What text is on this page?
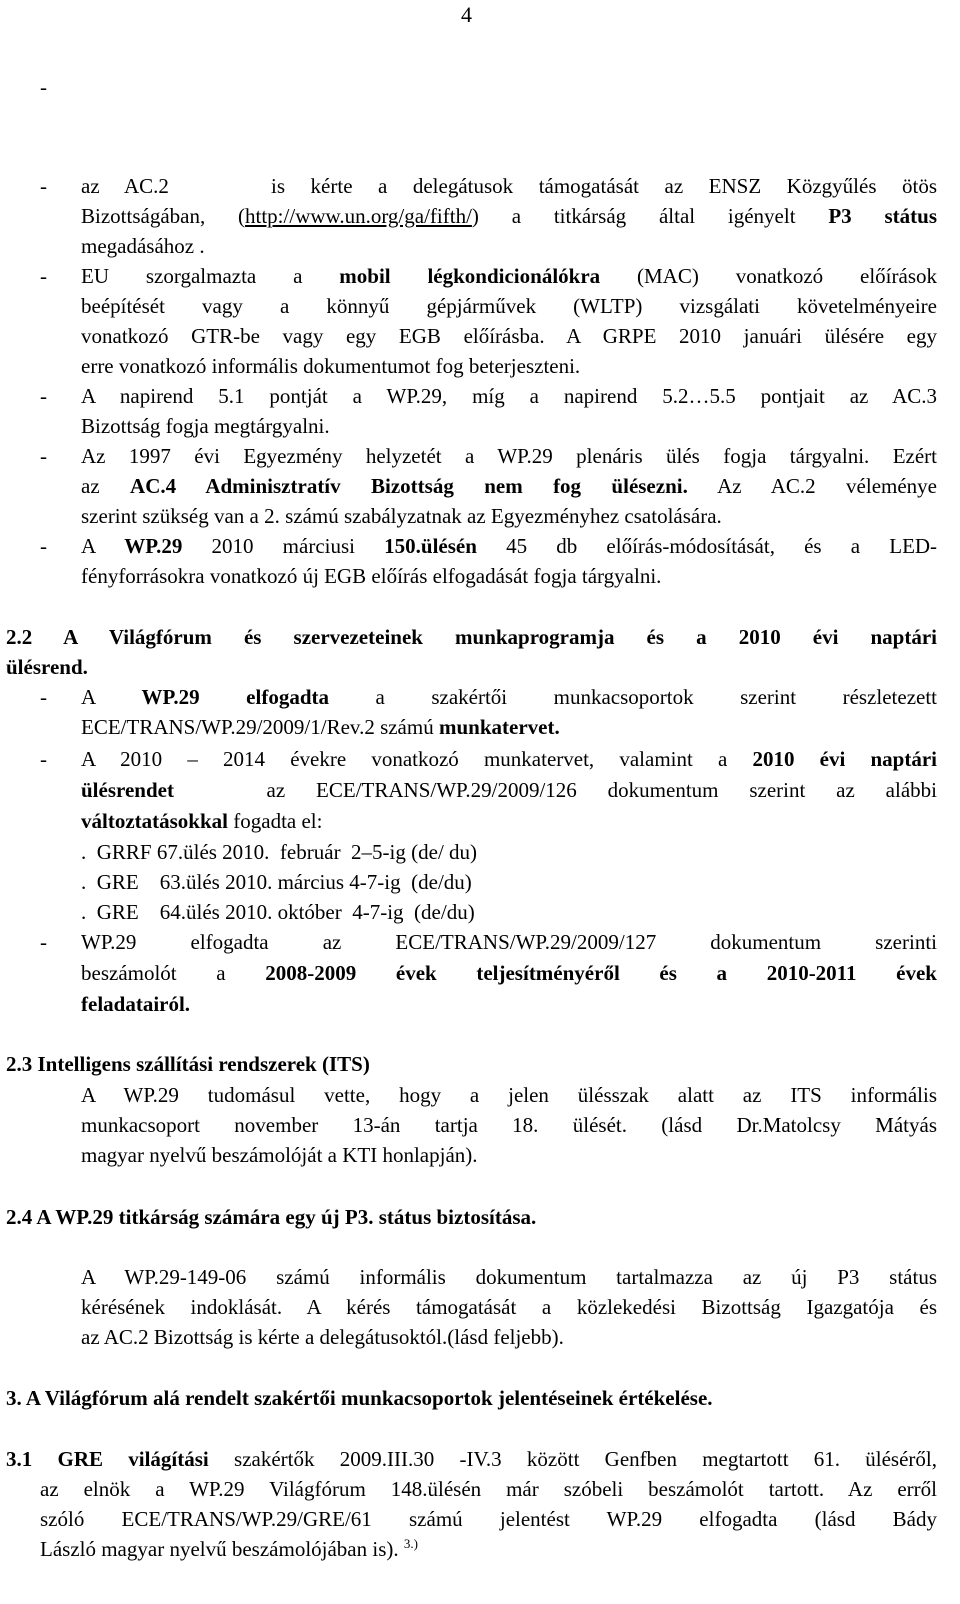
4
-
- az AC.2	is kérte a delegátusok támogatását az ENSZ Közgyűlés ötös
Bizottságában, (http://www.un.org/ga/fifth/) a titkárság által igényelt P3 státus
megadásához .
- EU szorgalmazta a mobil légkondicionálókra (MAC) vonatkozó előírások
beépítését vagy a könnyű gépjárművek (WLTP) vizsgálati követelményeire
vonatkozó GTR-be vagy egy EGB előírásba. A GRPE 2010 januári ülésére egy
erre vonatkozó informális dokumentumot fog beterjeszteni.
- A napirend 5.1 pontját a WP.29, míg a napirend 5.2…5.5 pontjait az AC.3
Bizottság fogja megtárgyalni.
- Az 1997 évi Egyezmény helyzetét a WP.29 plenáris ülés fogja tárgyalni. Ezért
az AC.4 Adminisztratív Bizottság nem fog ülésezni. Az AC.2 véleménye
szerint szükség van a 2. számú szabályzatnak az Egyezményhez csatolására.
- A WP.29 2010 márciusi 150.ülésén 45 db előírás-módosítását, és a LED-
fényforrásokra vonatkozó új EGB előírás elfogadását fogja tárgyalni.
2.2 A Világfórum és szervezeteinek munkaprogramja és a 2010 évi naptári
ülésrend.
- A WP.29 elfogadta a szakértői munkacsoportok szerint részletezett
ECE/TRANS/WP.29/2009/1/Rev.2 számú munkatervet.
- A 2010 – 2014 évekre vonatkozó munkatervet, valamint a 2010 évi naptári
ülésrendet	az ECE/TRANS/WP.29/2009/126 dokumentum szerint az alábbi
változtatásokkal fogadta el:
. GRRF 67.ülés 2010.  február  2–5-ig (de/ du)
. GRE    63.ülés 2010. március 4-7-ig  (de/du)
. GRE    64.ülés 2010. október  4-7-ig  (de/du)
- WP.29 elfogadta az ECE/TRANS/WP.29/2009/127 dokumentum szerinti
beszámolót a 2008-2009 évek teljesítményéről és a 2010-2011 évek
feladatairól.
2.3 Intelligens szállítási rendszerek (ITS)
A WP.29 tudomásul vette, hogy a jelen ülésszak alatt az ITS informális
munkacsoport november 13-án tartja 18. ülését. (lásd Dr.Matolcsy Mátyás
magyar nyelvű beszámolóját a KTI honlapján).
2.4 A WP.29 titkárság számára egy új P3. státus biztosítása.
A WP.29-149-06 számú informális dokumentum tartalmazza az új P3 státus
kérésének indoklását. A kérés támogatását a közlekedési Bizottság Igazgatója és
az AC.2 Bizottság is kérte a delegátusoktól.(lásd feljebb).
3. A Világfórum alá rendelt szakértői munkacsoportok jelentéseinek értékelése.
3.1 GRE világítási szakértők 2009.III.30 -IV.3 között Genfben megtartott 61. üléséről,
az elnök a WP.29 Világfórum 148.ülésén már szóbeli beszámolót tartott. Az erről
szóló ECE/TRANS/WP.29/GRE/61 számú jelentést WP.29 elfogadta (lásd Bády
László magyar nyelvű beszámolójában is). $^{3.)}$
